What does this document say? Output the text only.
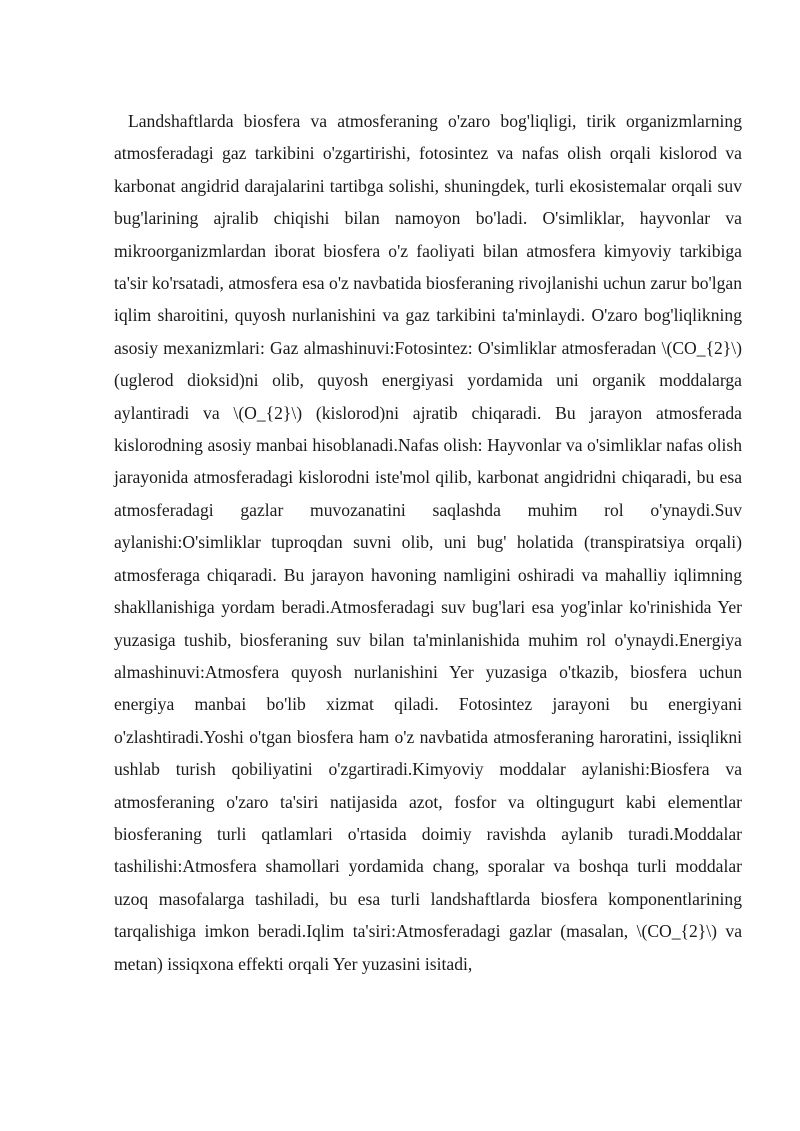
Landshaftlarda biosfera va atmosferaning o'zaro bog'liqligi, tirik organizmlarning atmosferadagi gaz tarkibini o'zgartirishi, fotosintez va nafas olish orqali kislorod va karbonat angidrid darajalarini tartibga solishi, shuningdek, turli ekosistemalar orqali suv bug'larining ajralib chiqishi bilan namoyon bo'ladi. O'simliklar, hayvonlar va mikroorganizmlardan iborat biosfera o'z faoliyati bilan atmosfera kimyoviy tarkibiga ta'sir ko'rsatadi, atmosfera esa o'z navbatida biosferaning rivojlanishi uchun zarur bo'lgan iqlim sharoitini, quyosh nurlanishini va gaz tarkibini ta'minlaydi. O'zaro bog'liqlikning asosiy mexanizmlari: Gaz almashinuvi:Fotosintez: O'simliklar atmosferadan \(CO_{2}\) (uglerod dioksid)ni olib, quyosh energiyasi yordamida uni organik moddalarga aylantiradi va \(O_{2}\) (kislorod)ni ajratib chiqaradi. Bu jarayon atmosferada kislorodning asosiy manbai hisoblanadi.Nafas olish: Hayvonlar va o'simliklar nafas olish jarayonida atmosferadagi kislorodni iste'mol qilib, karbonat angidridni chiqaradi, bu esa atmosferadagi gazlar muvozanatini saqlashda muhim rol o'ynaydi.Suv aylanishi:O'simliklar tuproqdan suvni olib, uni bug' holatida (transpiratsiya orqali) atmosferaga chiqaradi. Bu jarayon havoning namligini oshiradi va mahalliy iqlimning shakllanishiga yordam beradi.Atmosferadagi suv bug'lari esa yog'inlar ko'rinishida Yer yuzasiga tushib, biosferaning suv bilan ta'minlanishida muhim rol o'ynaydi.Energiya almashinuvi:Atmosfera quyosh nurlanishini Yer yuzasiga o'tkazib, biosfera uchun energiya manbai bo'lib xizmat qiladi. Fotosintez jarayoni bu energiyani o'zlashtiradi.Yoshi o'tgan biosfera ham o'z navbatida atmosferaning haroratini, issiqlikni ushlab turish qobiliyatini o'zgartiradi.Kimyoviy moddalar aylanishi:Biosfera va atmosferaning o'zaro ta'siri natijasida azot, fosfor va oltingugurt kabi elementlar biosferaning turli qatlamlari o'rtasida doimiy ravishda aylanib turadi.Moddalar tashilishi:Atmosfera shamollari yordamida chang, sporalar va boshqa turli moddalar uzoq masofalarga tashiladi, bu esa turli landshaftlarda biosfera komponentlarining tarqalishiga imkon beradi.Iqlim ta'siri:Atmosferadagi gazlar (masalan, \(CO_{2}\) va metan) issiqxona effekti orqali Yer yuzasini isitadi,
